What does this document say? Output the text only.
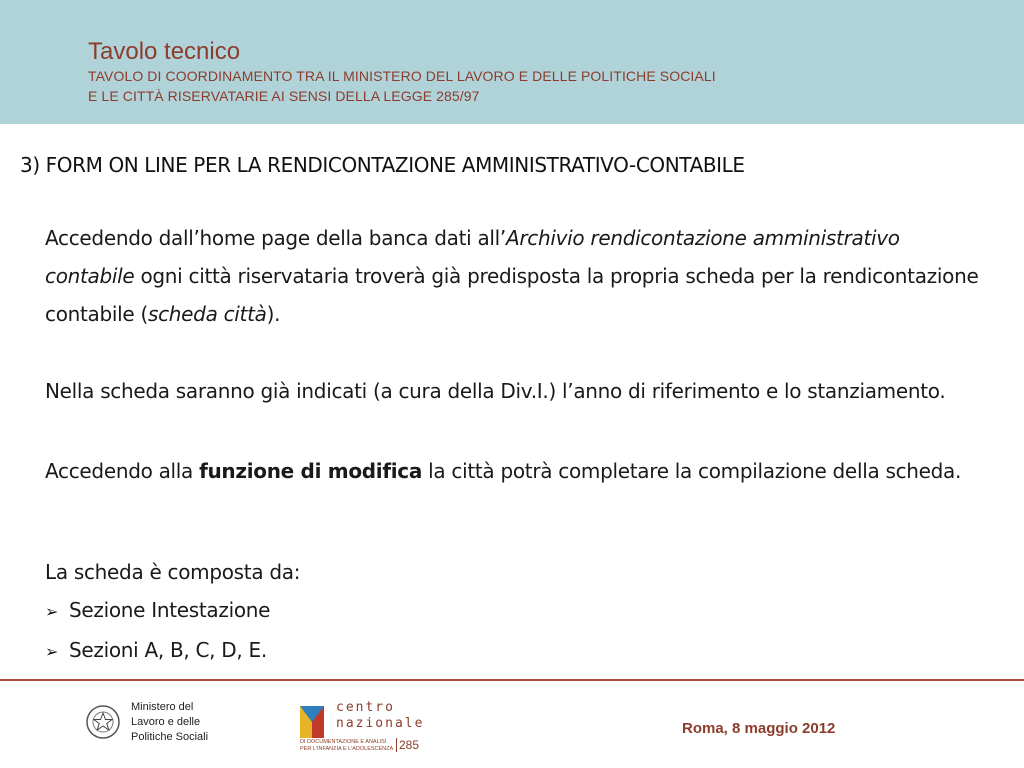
Tavolo tecnico
TAVOLO DI COORDINAMENTO TRA IL MINISTERO DEL LAVORO E DELLE POLITICHE SOCIALI
E LE CITTÀ RISERVATARIE AI SENSI DELLA LEGGE 285/97
3) FORM ON LINE PER LA RENDICONTAZIONE AMMINISTRATIVO-CONTABILE
Accedendo dall’home page della banca dati all’Archivio rendicontazione amministrativo contabile ogni città riservataria troverà già predisposta la propria scheda per la rendicontazione contabile (scheda città).
Nella scheda saranno già indicati (a cura della Div.I.) l’anno di riferimento e lo stanziamento.
Accedendo alla funzione di modifica la città potrà completare la compilazione della scheda.
La scheda è composta da:
➢ Sezione Intestazione
➢ Sezioni A, B, C, D, E.
Ministero del
Lavoro e delle
Politiche Sociali
centro
nazionale
DI DOCUMENTAZIONE E ANALISI PER L'INFANZIA E L'ADOLESCENZA 285
Roma, 8 maggio 2012
